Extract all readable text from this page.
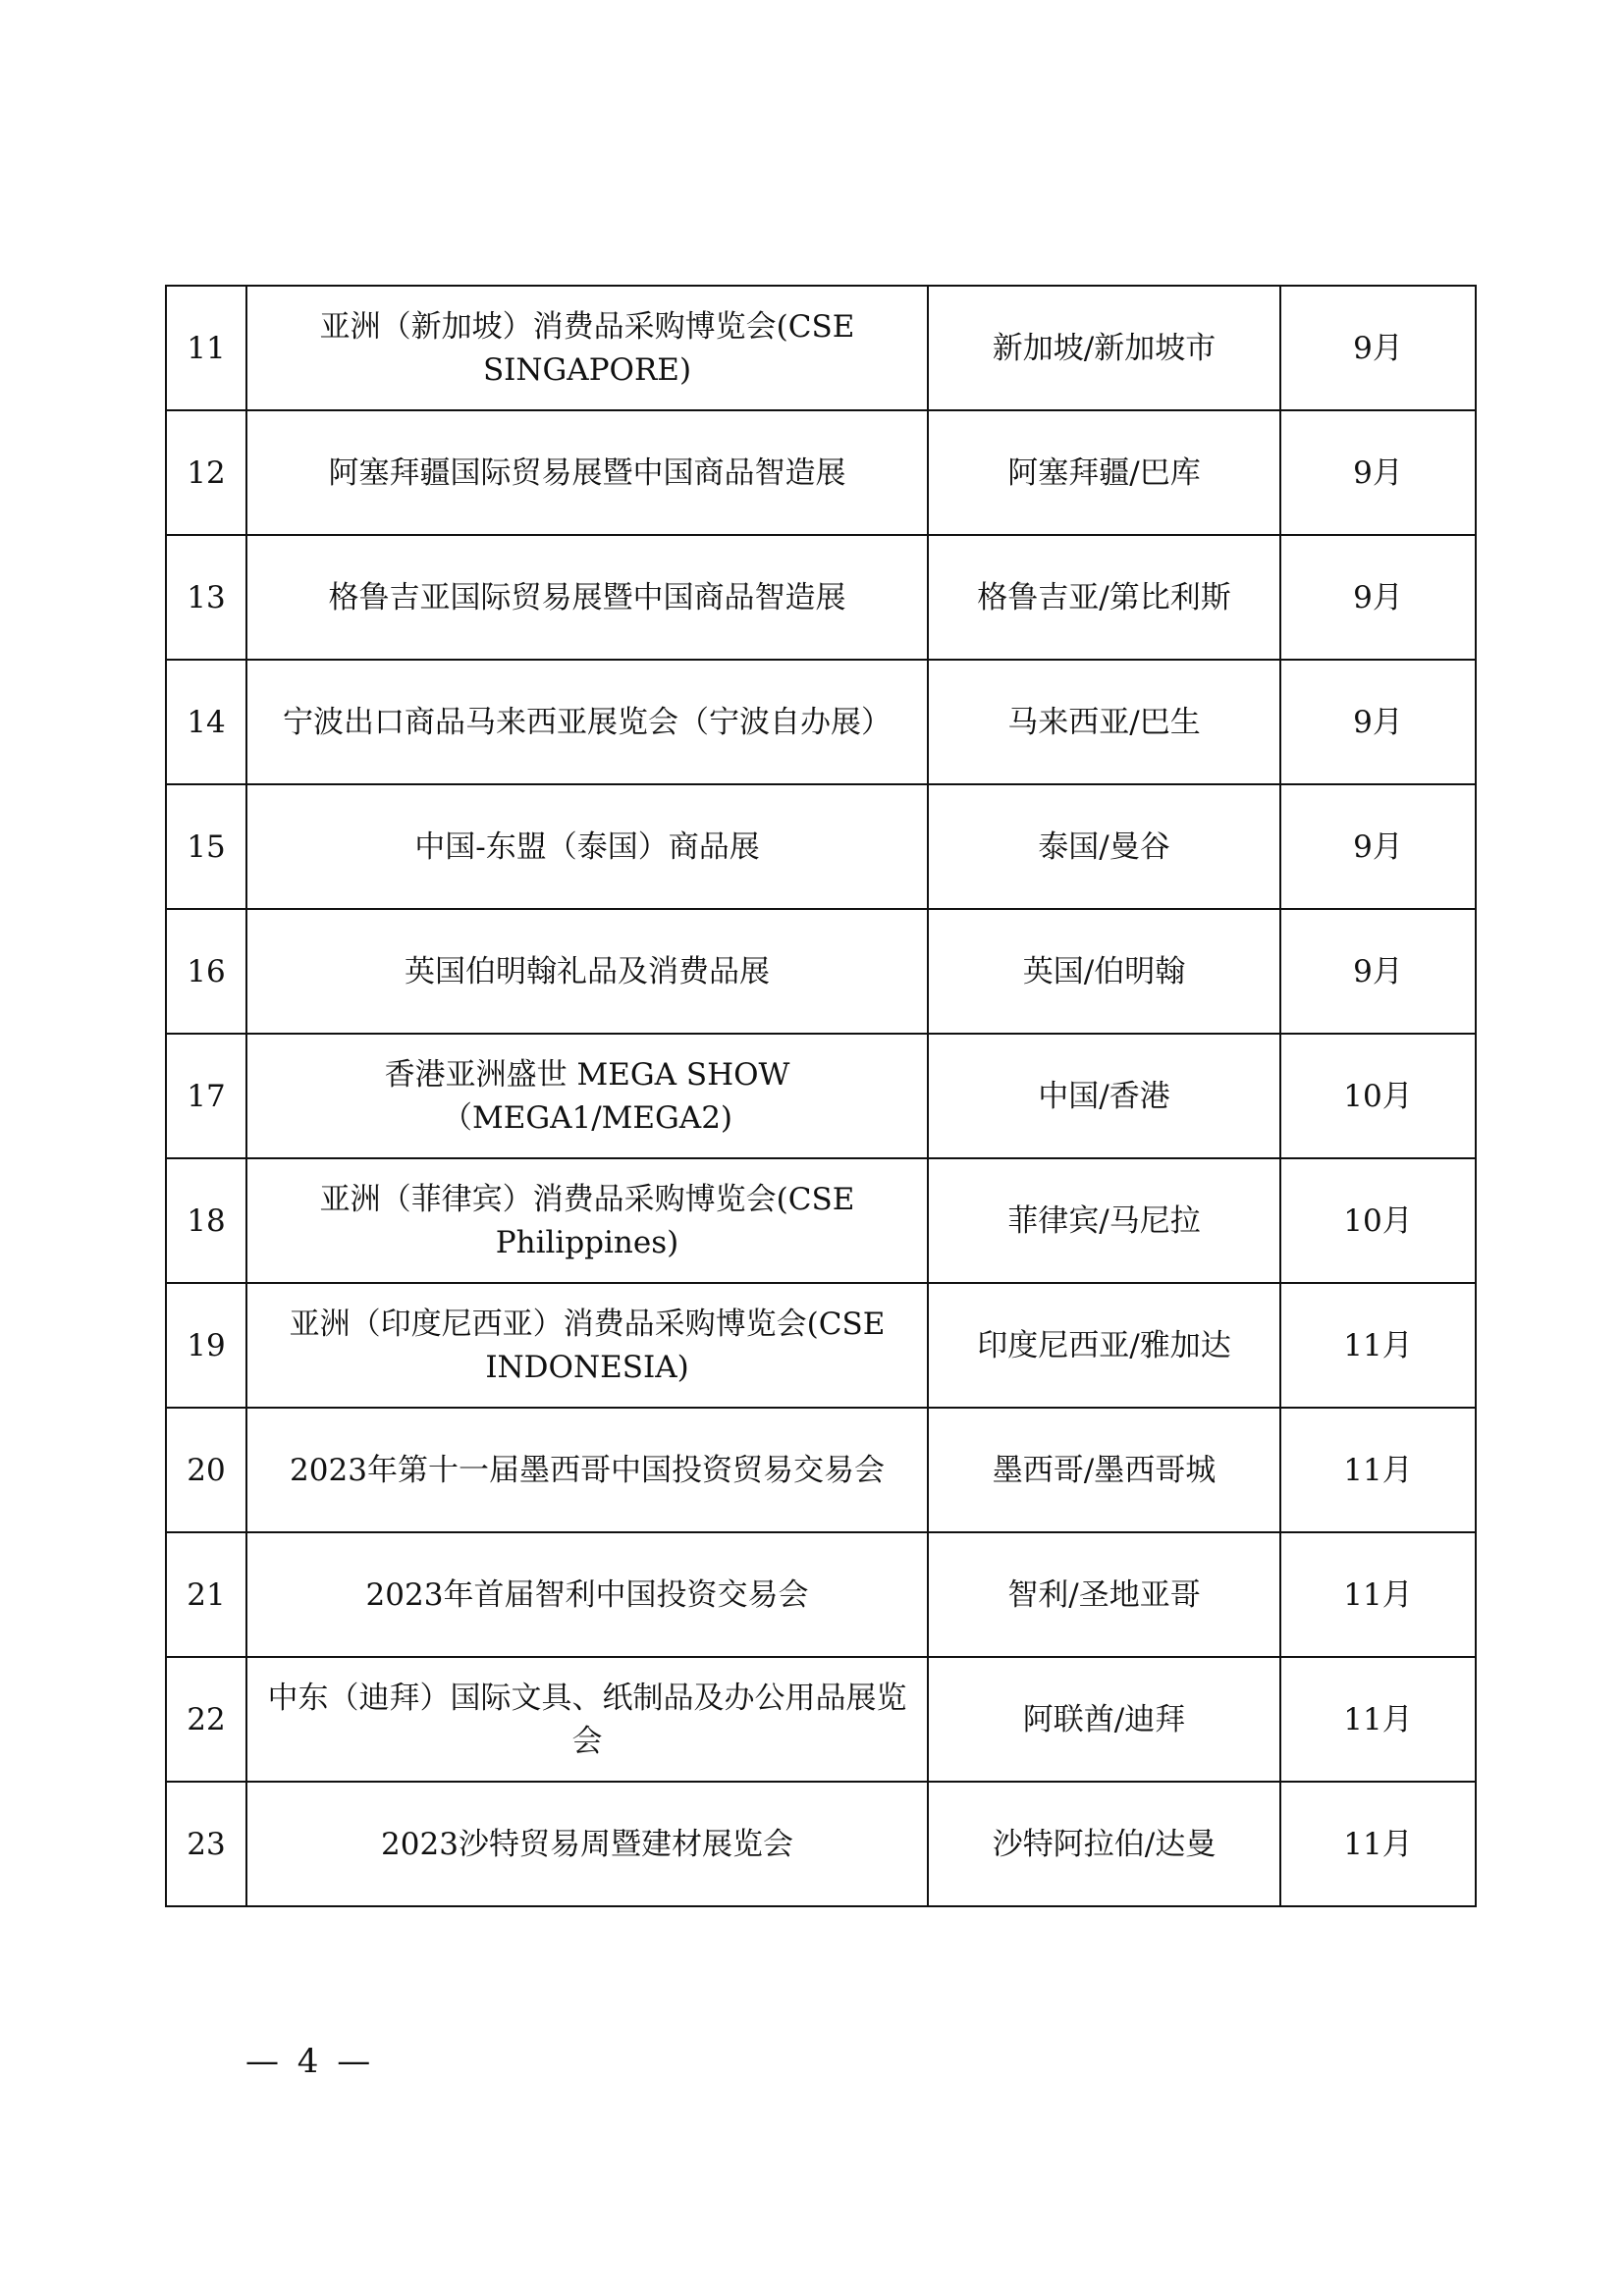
11	亚洲（新加坡）消费品采购博览会(CSE SINGAPORE)	新加坡/新加坡市	9月
12	阿塞拜疆国际贸易展暨中国商品智造展	阿塞拜疆/巴库	9月
13	格鲁吉亚国际贸易展暨中国商品智造展	格鲁吉亚/第比利斯	9月
14	宁波出口商品马来西亚展览会（宁波自办展）	马来西亚/巴生	9月
15	中国-东盟（泰国）商品展	泰国/曼谷	9月
16	英国伯明翰礼品及消费品展	英国/伯明翰	9月
17	香港亚洲盛世 MEGA SHOW（MEGA1/MEGA2)	中国/香港	10月
18	亚洲（菲律宾）消费品采购博览会(CSE Philippines)	菲律宾/马尼拉	10月
19	亚洲（印度尼西亚）消费品采购博览会(CSE INDONESIA)	印度尼西亚/雅加达	11月
20	2023年第十一届墨西哥中国投资贸易交易会	墨西哥/墨西哥城	11月
21	2023年首届智利中国投资交易会	智利/圣地亚哥	11月
22	中东（迪拜）国际文具、纸制品及办公用品展览会	阿联酋/迪拜	11月
23	2023沙特贸易周暨建材展览会	沙特阿拉伯/达曼	11月
— 4 —
